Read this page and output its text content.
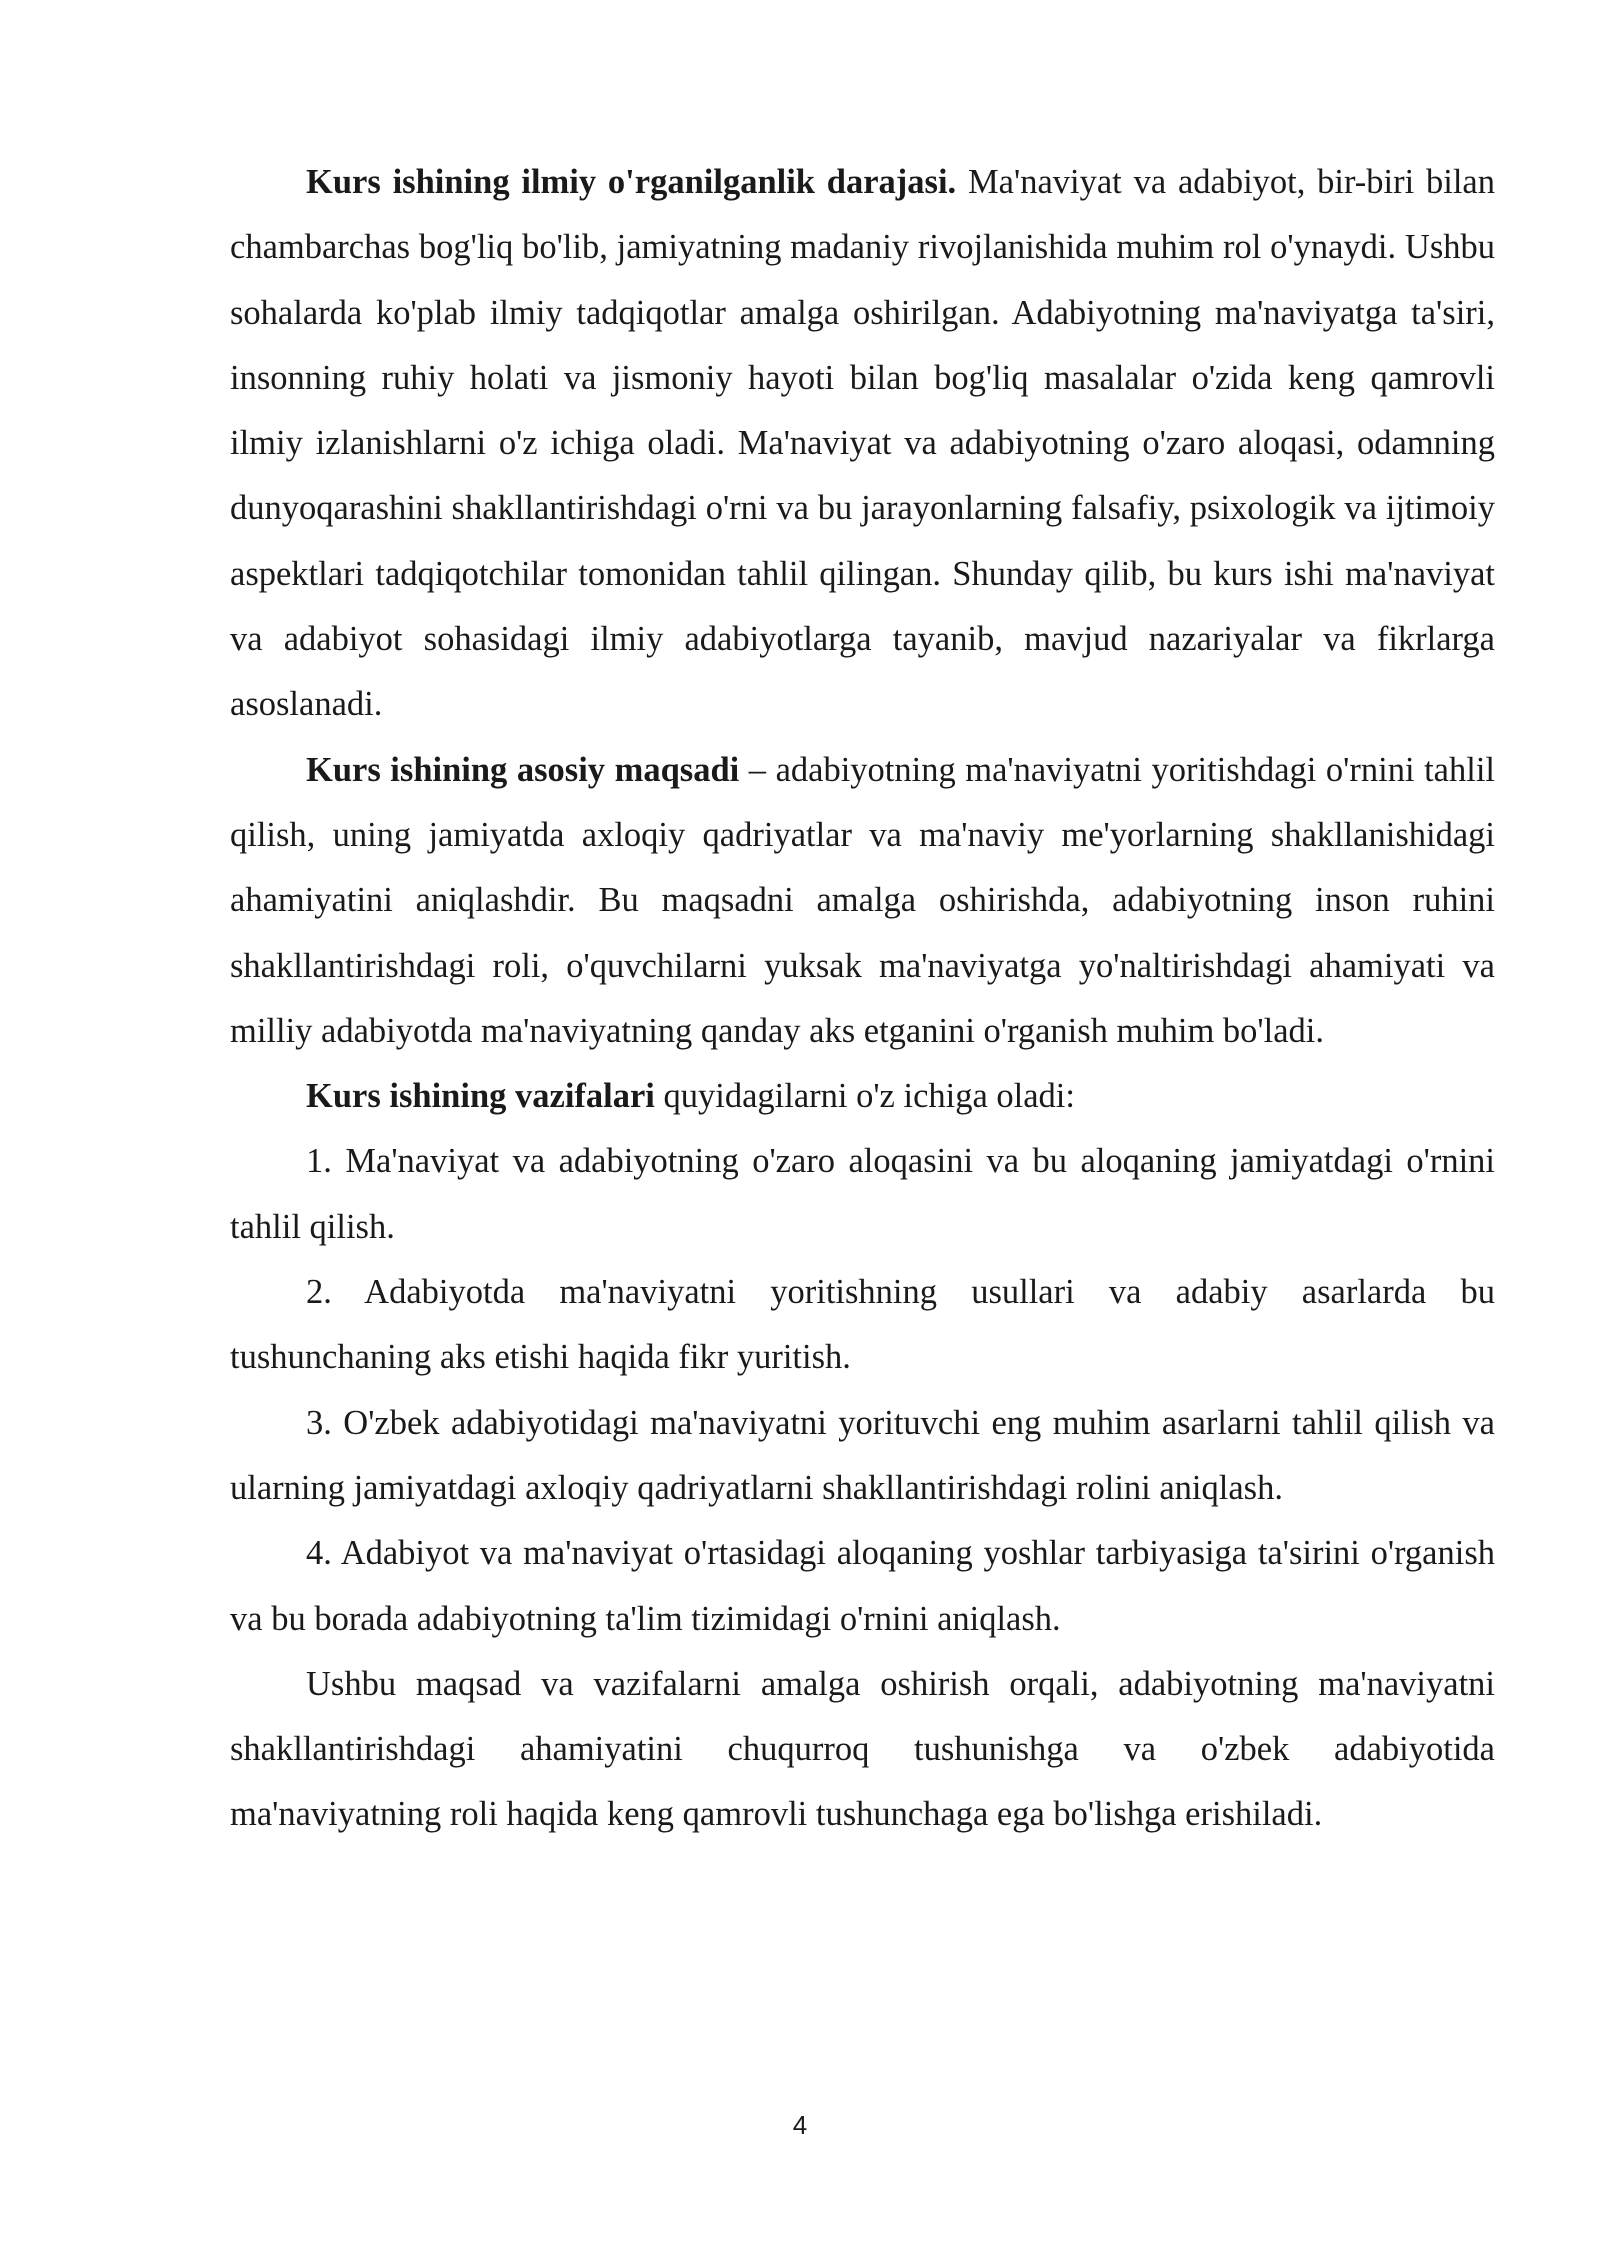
Kurs ishining ilmiy o'rganilganlik darajasi. Ma'naviyat va adabiyot, bir-biri bilan chambarchas bog'liq bo'lib, jamiyatning madaniy rivojlanishida muhim rol o'ynaydi. Ushbu sohalarda ko'plab ilmiy tadqiqotlar amalga oshirilgan. Adabiyotning ma'naviyatga ta'siri, insonning ruhiy holati va jismoniy hayoti bilan bog'liq masalalar o'zida keng qamrovli ilmiy izlanishlarni o'z ichiga oladi. Ma'naviyat va adabiyotning o'zaro aloqasi, odamning dunyoqarashini shakllantirishdagi o'rni va bu jarayonlarning falsafiy, psixologik va ijtimoiy aspektlari tadqiqotchilar tomonidan tahlil qilingan. Shunday qilib, bu kurs ishi ma'naviyat va adabiyot sohasidagi ilmiy adabiyotlarga tayanib, mavjud nazariyalar va fikrlarga asoslanadi.

Kurs ishining asosiy maqsadi – adabiyotning ma'naviyatni yoritishdagi o'rnini tahlil qilish, uning jamiyatda axloqiy qadriyatlar va ma'naviy me'yorlarning shakllanishidagi ahamiyatini aniqlashdir. Bu maqsadni amalga oshirishda, adabiyotning inson ruhini shakllantirishdagi roli, o'quvchilarni yuksak ma'naviyatga yo'naltirishdagi ahamiyati va milliy adabiyotda ma'naviyatning qanday aks etganini o'rganish muhim bo'ladi.

Kurs ishining vazifalari quyidagilarni o'z ichiga oladi:

1. Ma'naviyat va adabiyotning o'zaro aloqasini va bu aloqaning jamiyatdagi o'rnini tahlil qilish.

2. Adabiyotda ma'naviyatni yoritishning usullari va adabiy asarlarda bu tushunchaning aks etishi haqida fikr yuritish.

3. O'zbek adabiyotidagi ma'naviyatni yorituvchi eng muhim asarlarni tahlil qilish va ularning jamiyatdagi axloqiy qadriyatlarni shakllantirishdagi rolini aniqlash.

4. Adabiyot va ma'naviyat o'rtasidagi aloqaning yoshlar tarbiyasiga ta'sirini o'rganish va bu borada adabiyotning ta'lim tizimidagi o'rnini aniqlash.

Ushbu maqsad va vazifalarni amalga oshirish orqali, adabiyotning ma'naviyatni shakllantirishdagi ahamiyatini chuqurroq tushunishga va o'zbek adabiyotida ma'naviyatning roli haqida keng qamrovli tushunchaga ega bo'lishga erishiladi.

4
